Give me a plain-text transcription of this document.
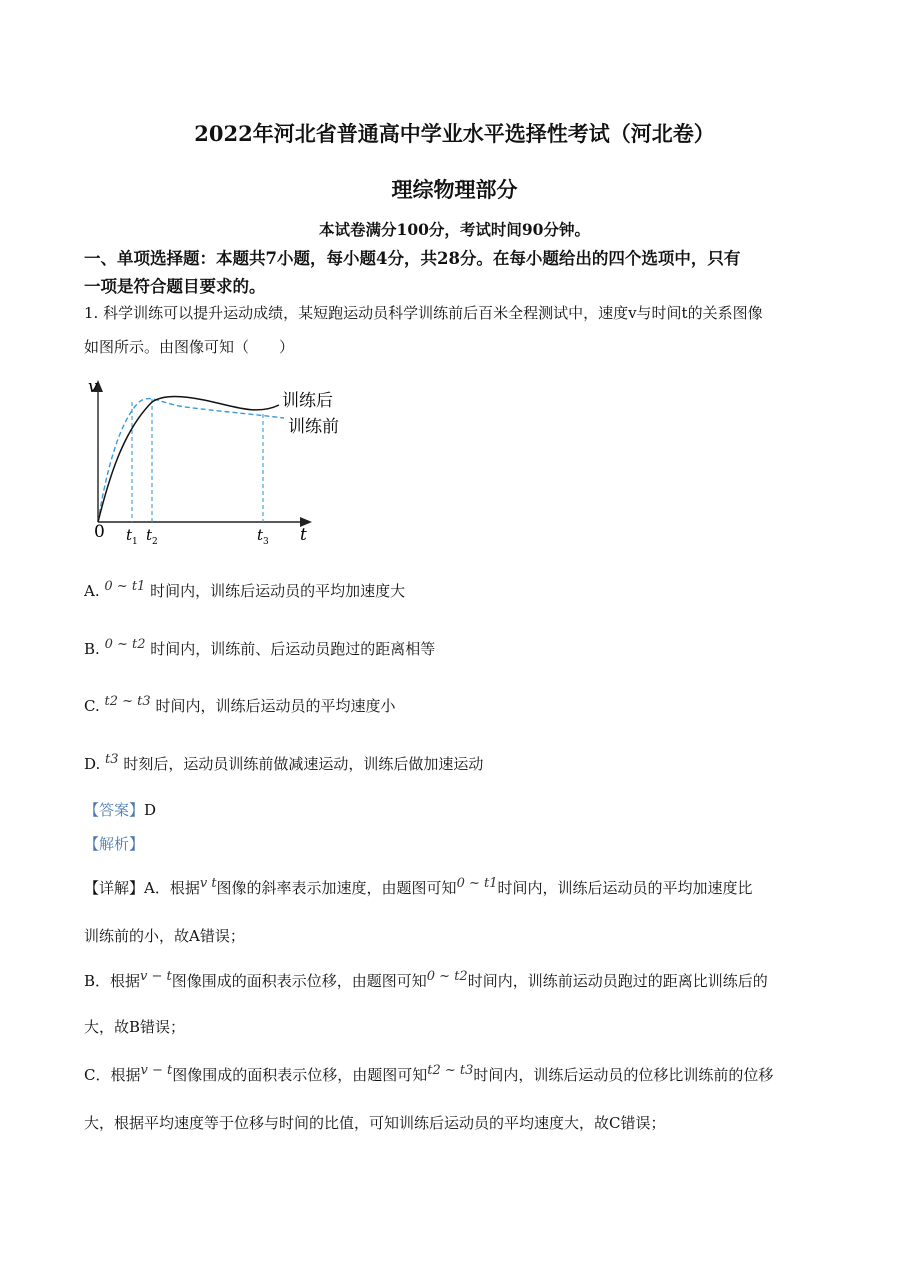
2022年河北省普通高中学业水平选择性考试（河北卷）
理综物理部分
本试卷满分100分，考试时间90分钟。
一、单项选择题：本题共7小题，每小题4分，共28分。在每小题给出的四个选项中，只有
一项是符合题目要求的。
1. 科学训练可以提升运动成绩，某短跑运动员科学训练前后百米全程测试中，速度v与时间t的关系图像
如图所示。由图像可知（　　）
v
t
0 t 1 t 2	t 3
训练后
训练前
A. 0 ~ t1 时间内，训练后运动员的平均加速度大
B. 0 ~ t2 时间内，训练前、后运动员跑过的距离相等
C. t2 ~ t3 时间内，训练后运动员的平均速度小
D. t3 时刻后，运动员训练前做减速运动，训练后做加速运动
【答案】D
【解析】
【详解】A．根据v t图像的斜率表示加速度，由题图可知0 ~ t1时间内，训练后运动员的平均加速度比
训练前的小，故A错误；
B．根据v − t图像围成的面积表示位移，由题图可知0 ~ t2时间内，训练前运动员跑过的距离比训练后的
大，故B错误；
C．根据v − t图像围成的面积表示位移，由题图可知t2 ~ t3时间内，训练后运动员的位移比训练前的位移
大，根据平均速度等于位移与时间的比值，可知训练后运动员的平均速度大，故C错误；
